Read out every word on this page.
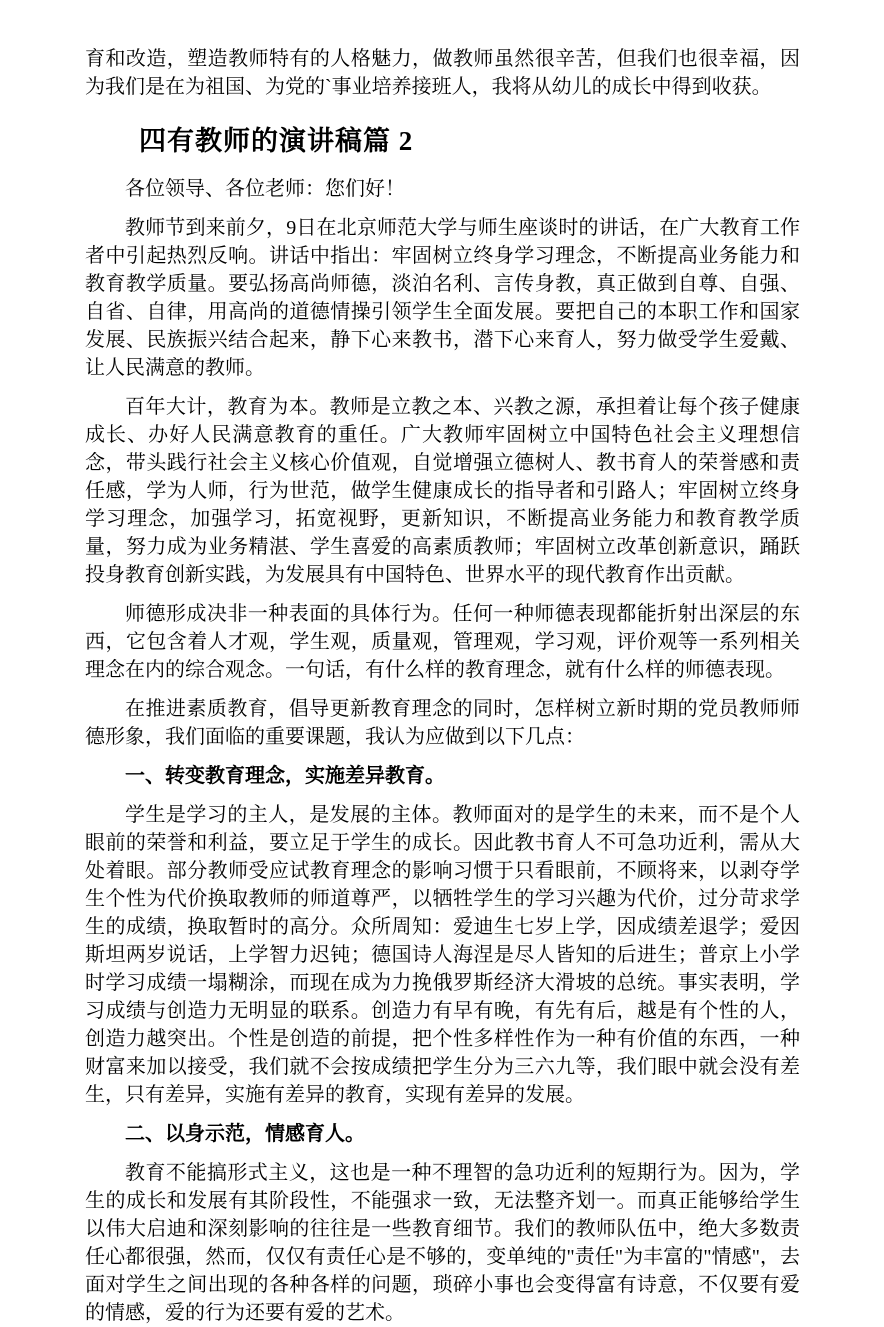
育和改造，塑造教师特有的人格魅力，做教师虽然很辛苦，但我们也很幸福，因为我们是在为祖国、为党的`事业培养接班人，我将从幼儿的成长中得到收获。

四有教师的演讲稿篇 2

各位领导、各位老师：您们好！

教师节到来前夕，9日在北京师范大学与师生座谈时的讲话，在广大教育工作者中引起热烈反响。讲话中指出：牢固树立终身学习理念，不断提高业务能力和教育教学质量。要弘扬高尚师德，淡泊名利、言传身教，真正做到自尊、自强、自省、自律，用高尚的道德情操引领学生全面发展。要把自己的本职工作和国家发展、民族振兴结合起来，静下心来教书，潜下心来育人，努力做受学生爱戴、让人民满意的教师。

百年大计，教育为本。教师是立教之本、兴教之源，承担着让每个孩子健康成长、办好人民满意教育的重任。广大教师牢固树立中国特色社会主义理想信念，带头践行社会主义核心价值观，自觉增强立德树人、教书育人的荣誉感和责任感，学为人师，行为世范，做学生健康成长的指导者和引路人；牢固树立终身学习理念，加强学习，拓宽视野，更新知识，不断提高业务能力和教育教学质量，努力成为业务精湛、学生喜爱的高素质教师；牢固树立改革创新意识，踊跃投身教育创新实践，为发展具有中国特色、世界水平的现代教育作出贡献。

师德形成决非一种表面的具体行为。任何一种师德表现都能折射出深层的东西，它包含着人才观，学生观，质量观，管理观，学习观，评价观等一系列相关理念在内的综合观念。一句话，有什么样的教育理念，就有什么样的师德表现。

在推进素质教育，倡导更新教育理念的同时，怎样树立新时期的党员教师师德形象，我们面临的重要课题，我认为应做到以下几点：

一、转变教育理念，实施差异教育。

学生是学习的主人，是发展的主体。教师面对的是学生的未来，而不是个人眼前的荣誉和利益，要立足于学生的成长。因此教书育人不可急功近利，需从大处着眼。部分教师受应试教育理念的影响习惯于只看眼前，不顾将来，以剥夺学生个性为代价换取教师的师道尊严，以牺牲学生的学习兴趣为代价，过分苛求学生的成绩，换取暂时的高分。众所周知：爱迪生七岁上学，因成绩差退学；爱因斯坦两岁说话，上学智力迟钝；德国诗人海涅是尽人皆知的后进生；普京上小学时学习成绩一塌糊涂，而现在成为力挽俄罗斯经济大滑坡的总统。事实表明，学习成绩与创造力无明显的联系。创造力有早有晚，有先有后，越是有个性的人，创造力越突出。个性是创造的前提，把个性多样性作为一种有价值的东西，一种财富来加以接受，我们就不会按成绩把学生分为三六九等，我们眼中就会没有差生，只有差异，实施有差异的教育，实现有差异的发展。

二、以身示范，情感育人。

教育不能搞形式主义，这也是一种不理智的急功近利的短期行为。因为，学生的成长和发展有其阶段性，不能强求一致，无法整齐划一。而真正能够给学生以伟大启迪和深刻影响的往往是一些教育细节。我们的教师队伍中，绝大多数责任心都很强，然而，仅仅有责任心是不够的，变单纯的"责任"为丰富的"情感"，去面对学生之间出现的各种各样的问题，琐碎小事也会变得富有诗意，不仅要有爱的情感，爱的行为还要有爱的艺术。
